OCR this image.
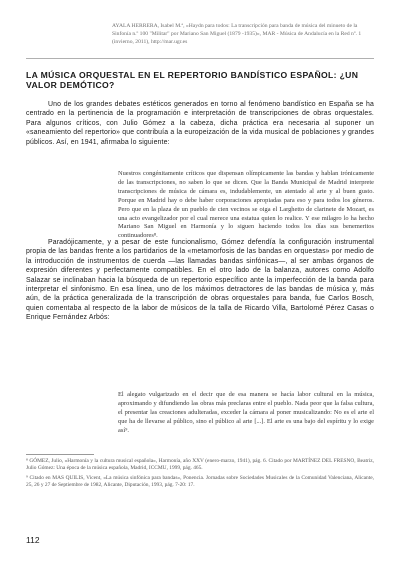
AYALA HERRERA, Isabel M.ª, «Haydn para todos: La transcripción para banda de música del minueto de la Sinfonía n.º 100 "Militar" por Mariano San Miguel (1879 -1935)», MAR - Música de Andalucía en la Red nº. 1 (invierno, 2011), http://mar.ugr.es
LA MÚSICA ORQUESTAL EN EL REPERTORIO BANDÍSTICO ESPAÑOL: ¿UN VALOR DEMÓTICO?
Uno de los grandes debates estéticos generados en torno al fenómeno bandístico en España se ha centrado en la pertinencia de la programación e interpretación de transcripciones de obras orquestales. Para algunos críticos, con Julio Gómez a la cabeza, dicha práctica era necesaria al suponer un «saneamiento del repertorio» que contribuía a la europeización de la vida musical de poblaciones y grandes públicos. Así, en 1941, afirmaba lo siguiente:
Nuestros congénitamente críticos que dispensan olímpicamente las bandas y hablan irónicamente de las transcripciones, no saben lo que se dicen. Que la Banda Municipal de Madrid interprete transcripciones de música de cámara es, indudablemente, un atentado al arte y al buen gusto. Porque en Madrid hay o debe haber corporaciones apropiadas para eso y para todos los géneros. Pero que en la plaza de un pueblo de cien vecinos se oiga el Larghetto de clarinete de Mozart, es una acto evangelizador por el cual merece una estatua quien lo realice. Y ese milagro lo ha hecho Mariano San Miguel en Harmonía y lo siguen haciendo todos los días sus benemeritos continuadores⁸.
Paradójicamente, y a pesar de este funcionalismo, Gómez defendía la configuración instrumental propia de las bandas frente a los partidarios de la «metamorfosis de las bandas en orquestas» por medio de la introducción de instrumentos de cuerda —las llamadas bandas sinfónicas—, al ser ambas órganos de expresión diferentes y perfectamente compatibles. En el otro lado de la balanza, autores como Adolfo Salazar se inclinaban hacia la búsqueda de un repertorio específico ante la imperfección de la banda para interpretar el sinfonismo. En esa línea, uno de los máximos detractores de las bandas de música y, más aún, de la práctica generalizada de la transcripción de obras orquestales para banda, fue Carlos Bosch, quien comentaba al respecto de la labor de músicos de la talla de Ricardo Villa, Bartolomé Pérez Casas o Enrique Fernández Arbós:
El alegato vulgarizado en el decir que de esa manera se hacía labor cultural en la música, aproximando y difundiendo las obras más preclaras entre el pueblo. Nada peor que la falsa cultura, el presentar las creaciones adulteradas, exceder la cámara al poner musicalizando: No es el arte el que ha de llevarse al público, sino el público al arte [...]. El arte es una bajo del espíritu y lo exige así⁹.

⁸ GÓMEZ, Julio, «Harmonía y la cultura musical española», Harmonía, año XXV (enero-marzo, 1941), pág. 6. Citado por MARTÍNEZ DEL FRESNO, Beatriz, Julio Gómez: Una época de la música española, Madrid, ICCMU, 1999, pág. 465.

⁹ Citado en MAS QUILIS, Vicent, «La música sinfónica para bandas», Ponencia. Jornadas sobre Sociedades Musicales de la Comunidad Valenciana, Alicante, 25, 26 y 27 de Septiembre de 1982, Alicante, Diputación, 1993, pág. 7-20: 17.

112
